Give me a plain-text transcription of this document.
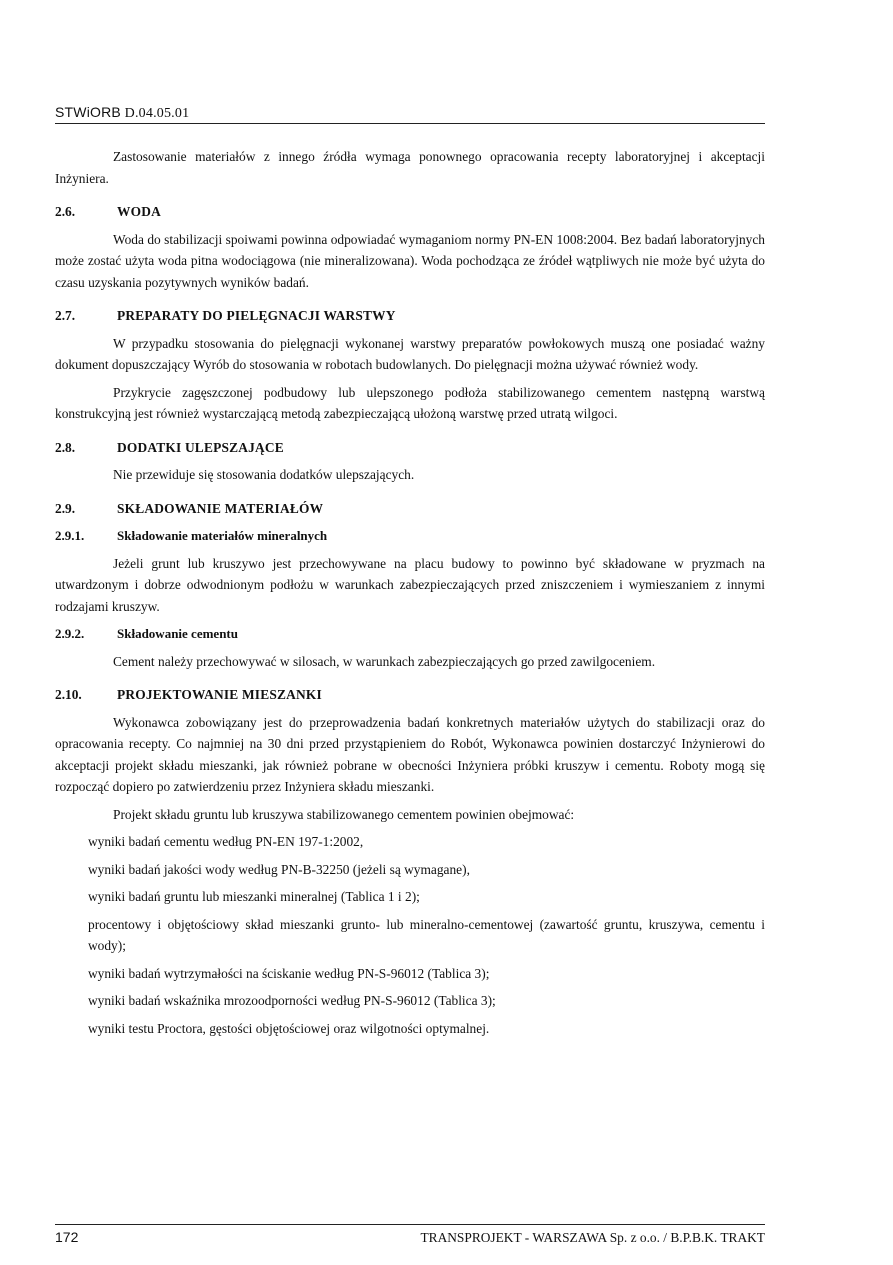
STWiORB D.04.05.01

Zastosowanie materiałów z innego źródła wymaga ponownego opracowania recepty laboratoryjnej i akceptacji Inżyniera.

2.6.	WODA

Woda do stabilizacji spoiwami powinna odpowiadać wymaganiom normy PN-EN 1008:2004. Bez badań laboratoryjnych może zostać użyta woda pitna wodociągowa (nie mineralizowana). Woda pochodząca ze źródeł wątpliwych nie może być użyta do czasu uzyskania pozytywnych wyników badań.

2.7.	PREPARATY DO PIELĘGNACJI WARSTWY

W przypadku stosowania do pielęgnacji wykonanej warstwy preparatów powłokowych muszą one posiadać ważny dokument dopuszczający Wyrób do stosowania w robotach budowlanych. Do pielęgnacji można używać również wody.

Przykrycie zagęszczonej podbudowy lub ulepszonego podłoża stabilizowanego cementem następną warstwą konstrukcyjną jest również wystarczającą metodą zabezpieczającą ułożoną warstwę przed utratą wilgoci.

2.8.	DODATKI ULEPSZAJĄCE

Nie przewiduje się stosowania dodatków ulepszających.

2.9.	SKŁADOWANIE MATERIAŁÓW
2.9.1.	Składowanie materiałów mineralnych

Jeżeli grunt lub kruszywo jest przechowywane na placu budowy to powinno być składowane w pryzmach na utwardzonym i dobrze odwodnionym podłożu w warunkach zabezpieczających przed zniszczeniem i wymieszaniem z innymi rodzajami kruszyw.

2.9.2.	Składowanie cementu

Cement należy przechowywać w silosach, w warunkach zabezpieczających go przed zawilgoceniem.

2.10.	PROJEKTOWANIE MIESZANKI

Wykonawca zobowiązany jest do przeprowadzenia badań konkretnych materiałów użytych do stabilizacji oraz do opracowania recepty. Co najmniej na 30 dni przed przystąpieniem do Robót, Wykonawca powinien dostarczyć Inżynierowi do akceptacji projekt składu mieszanki, jak również pobrane w obecności Inżyniera próbki kruszyw i cementu. Roboty mogą się rozpocząć dopiero po zatwierdzeniu przez Inżyniera składu mieszanki.

Projekt składu gruntu lub kruszywa stabilizowanego cementem powinien obejmować:

wyniki badań cementu według PN-EN 197-1:2002,
wyniki badań jakości wody według PN-B-32250 (jeżeli są wymagane),
wyniki badań gruntu lub mieszanki mineralnej (Tablica 1 i 2);
procentowy i objętościowy skład mieszanki grunto- lub mineralno-cementowej (zawartość gruntu, kruszywa, cementu i wody);
wyniki badań wytrzymałości na ściskanie według PN-S-96012 (Tablica 3);
wyniki badań wskaźnika mrozoodporności według PN-S-96012 (Tablica 3);
wyniki testu Proctora, gęstości objętościowej oraz wilgotności optymalnej.
172	TRANSPROJEKT - WARSZAWA Sp. z o.o. / B.P.B.K. TRAKT
